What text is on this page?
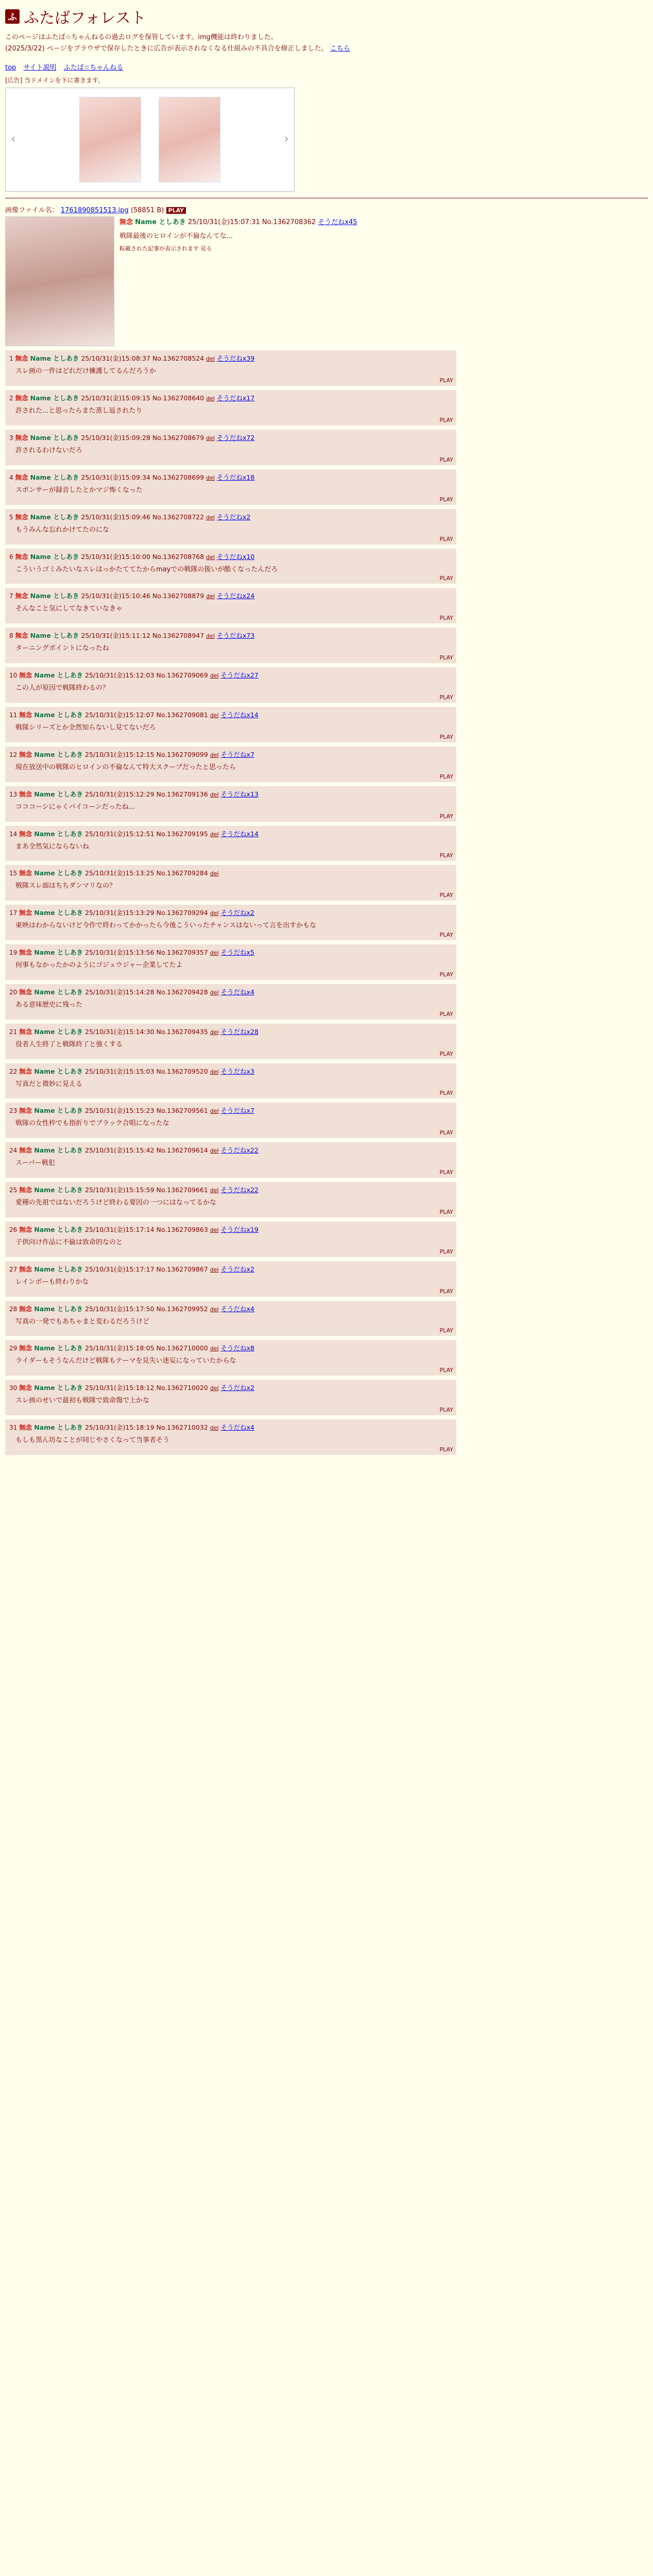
ふ ふたばフォレスト

このページはふたば☆ちゃんねるの過去ログを保管しています。img機能は終わりました。

(2025/3/22) ページをブラウザで保存したときに広告が表示されなくなる仕組みの不具合を修正しました。 こちら

top サイト説明 ふたば☆ちゃんねる
[広告] 当ドメインを下に書きます。
‹	›
画像ファイル名： 1761890851513.jpg (58851 B) PLAY
無念 Name としあき 25/10/31(金)15:07:31 No.1362708362 そうだねx45
戦隊最後のヒロインが不倫なんてな...
転載された記事が表示されます 見る
1 無念 Name としあき 25/10/31(金)15:08:37 No.1362708524 del そうだねx39
スレ画の一件はどれだけ擁護してるんだろうか
PLAY
2 無念 Name としあき 25/10/31(金)15:09:15 No.1362708640 del そうだねx17
許された...と思ったらまた蒸し返されたり
PLAY
3 無念 Name としあき 25/10/31(金)15:09:28 No.1362708679 del そうだねx72
許されるわけないだろ
PLAY
4 無念 Name としあき 25/10/31(金)15:09:34 No.1362708699 del そうだねx18
スポンサーが録音したとかマジ怖くなった
PLAY
5 無念 Name としあき 25/10/31(金)15:09:46 No.1362708722 del そうだねx2
もうみんな忘れかけてたのにな
PLAY
6 無念 Name としあき 25/10/31(金)15:10:00 No.1362708768 del そうだねx10
こういうゴミみたいなスレはっかたててたからmayでの戦隊の扱いが酷くなったんだろ
PLAY
7 無念 Name としあき 25/10/31(金)15:10:46 No.1362708879 del そうだねx24
そんなこと気にしてなきていなきゃ
PLAY
8 無念 Name としあき 25/10/31(金)15:11:12 No.1362708947 del そうだねx73
ターニングポイントになったね
PLAY
10 無念 Name としあき 25/10/31(金)15:12:03 No.1362709069 del そうだねx27
この人が原因で戦隊終わるの？
PLAY
11 無念 Name としあき 25/10/31(金)15:12:07 No.1362709081 del そうだねx14
戦隊シリーズとか全然知らないし見てないだろ
PLAY
12 無念 Name としあき 25/10/31(金)15:12:15 No.1362709099 del そうだねx7
現在放送中の戦隊のヒロインの不倫なんて特大スクープだったと思ったら
PLAY
13 無念 Name としあき 25/10/31(金)15:12:29 No.1362709136 del そうだねx13
コココーシにゃくバイコーンだったね...
PLAY
14 無念 Name としあき 25/10/31(金)15:12:51 No.1362709195 del そうだねx14
まあ全然気にならないね
PLAY
15 無念 Name としあき 25/10/31(金)15:13:25 No.1362709284 del
戦隊スレ面はちちダンマリなの？
PLAY
17 無念 Name としあき 25/10/31(金)15:13:29 No.1362709294 del そうだねx2
東映はわからないけど今作で終わってかかったら今後こういったチャンスはないって言を出すかもな
PLAY
19 無念 Name としあき 25/10/31(金)15:13:56 No.1362709357 del そうだねx5
何事もなかったかのようにゴジュウジャー企業してたよ
PLAY
20 無念 Name としあき 25/10/31(金)15:14:28 No.1362709428 del そうだねx4
ある意味歴史に残った
PLAY
21 無念 Name としあき 25/10/31(金)15:14:30 No.1362709435 del そうだねx28
役者人生終了と戦隊終了と強くする
PLAY
22 無念 Name としあき 25/10/31(金)15:15:03 No.1362709520 del そうだねx3
写真だと微妙に見える
PLAY
23 無念 Name としあき 25/10/31(金)15:15:23 No.1362709561 del そうだねx7
戦隊の女性枠でも指折りでブラック合唱になったな
PLAY
24 無念 Name としあき 25/10/31(金)15:15:42 No.1362709614 del そうだねx22
スーパー戦犯
PLAY
25 無念 Name としあき 25/10/31(金)15:15:59 No.1362709661 del そうだねx22
愛種の先祖ではないだろうけど終わる要因の一つにはなってるかな
PLAY
26 無念 Name としあき 25/10/31(金)15:17:14 No.1362709863 del そうだねx19
子供向け作品に不倫は致命的なのと
PLAY
27 無念 Name としあき 25/10/31(金)15:17:17 No.1362709867 del そうだねx2
レインボーも終わりかな
PLAY
28 無念 Name としあき 25/10/31(金)15:17:50 No.1362709952 del そうだねx4
写真の一発でもあちゃまと変わるだろうけど
PLAY
29 無念 Name としあき 25/10/31(金)15:18:05 No.1362710000 del そうだねx8
ライダーもそうなんだけど戦隊もテーマを見失い迷妄になっていたからな
PLAY
30 無念 Name としあき 25/10/31(金)15:18:12 No.1362710020 del そうだねx2
スレ画のせいで最初も戦隊で致命傷で上かな
PLAY
31 無念 Name としあき 25/10/31(金)15:18:19 No.1362710032 del そうだねx4
もしも黒ん坊なことが同じやさくなって当事者そう
PLAY
